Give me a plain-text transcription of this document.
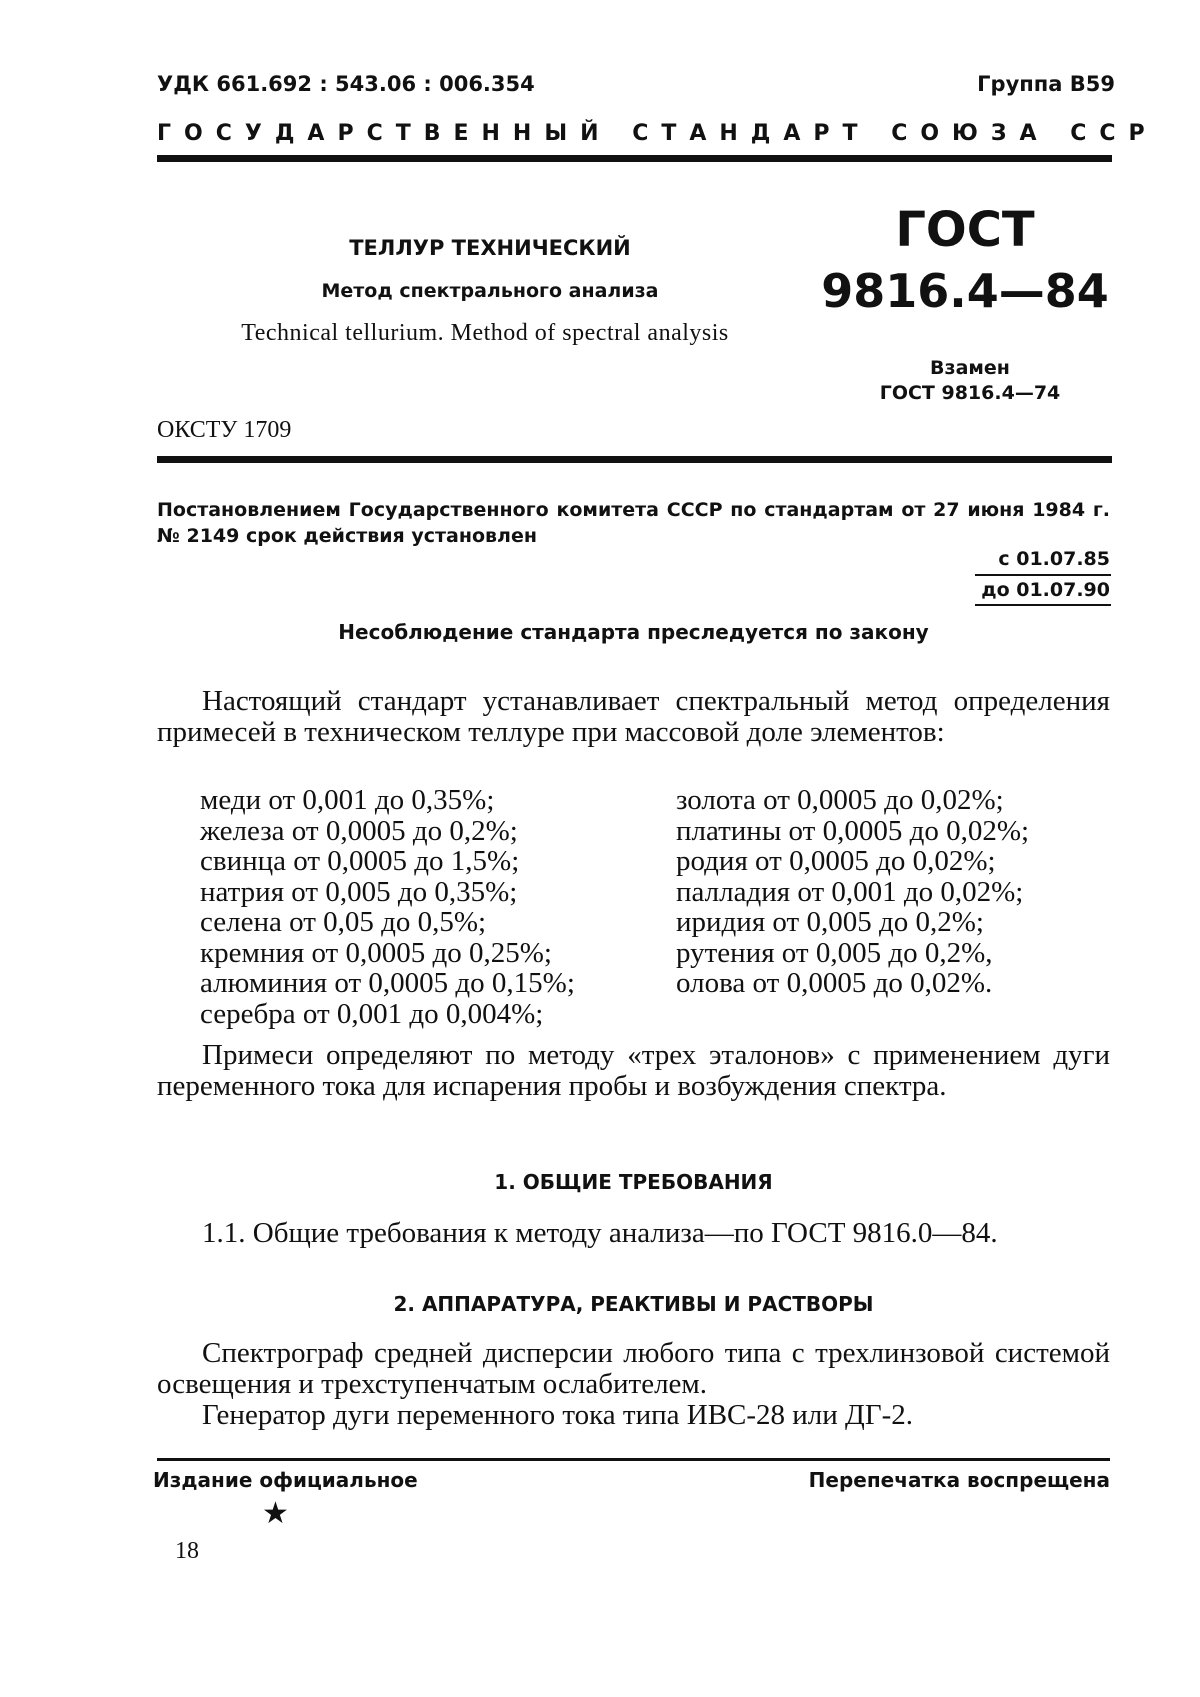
УДК 661.692 : 543.06 : 006.354	Группа В59
ГОСУДАРСТВЕННЫЙ СТАНДАРТ СОЮЗА ССР
ТЕЛЛУР ТЕХНИЧЕСКИЙ
Метод спектрального анализа
Technical tellurium. Method of spectral analysis
ГОСТ
9816.4—84
Взамен
ГОСТ 9816.4—74
ОКСТУ 1709
Постановлением Государственного комитета СССР по стандартам от 27 июня 1984 г. № 2149 срок действия установлен
с 01.07.85
до 01.07.90
Несоблюдение стандарта преследуется по закону
Настоящий стандарт устанавливает спектральный метод определения примесей в техническом теллуре при массовой доле элементов:
меди от 0,001 до 0,35%;
железа от 0,0005 до 0,2%;
свинца от 0,0005 до 1,5%;
натрия от 0,005 до 0,35%;
селена от 0,05 до 0,5%;
кремния от 0,0005 до 0,25%;
алюминия от 0,0005 до 0,15%;
серебра от 0,001 до 0,004%;
золота от 0,0005 до 0,02%;
платины от 0,0005 до 0,02%;
родия от 0,0005 до 0,02%;
палладия от 0,001 до 0,02%;
иридия от 0,005 до 0,2%;
рутения от 0,005 до 0,2%,
олова от 0,0005 до 0,02%.
Примеси определяют по методу «трех эталонов» с применением дуги переменного тока для испарения пробы и возбуждения спектра.
1. ОБЩИЕ ТРЕБОВАНИЯ
1.1. Общие требования к методу анализа—по ГОСТ 9816.0—84.
2. АППАРАТУРА, РЕАКТИВЫ И РАСТВОРЫ
Спектрограф средней дисперсии любого типа с трехлинзовой системой освещения и трехступенчатым ослабителем.
Генератор дуги переменного тока типа ИВС-28 или ДГ-2.
Издание официальное	Перепечатка воспрещена
★
18
